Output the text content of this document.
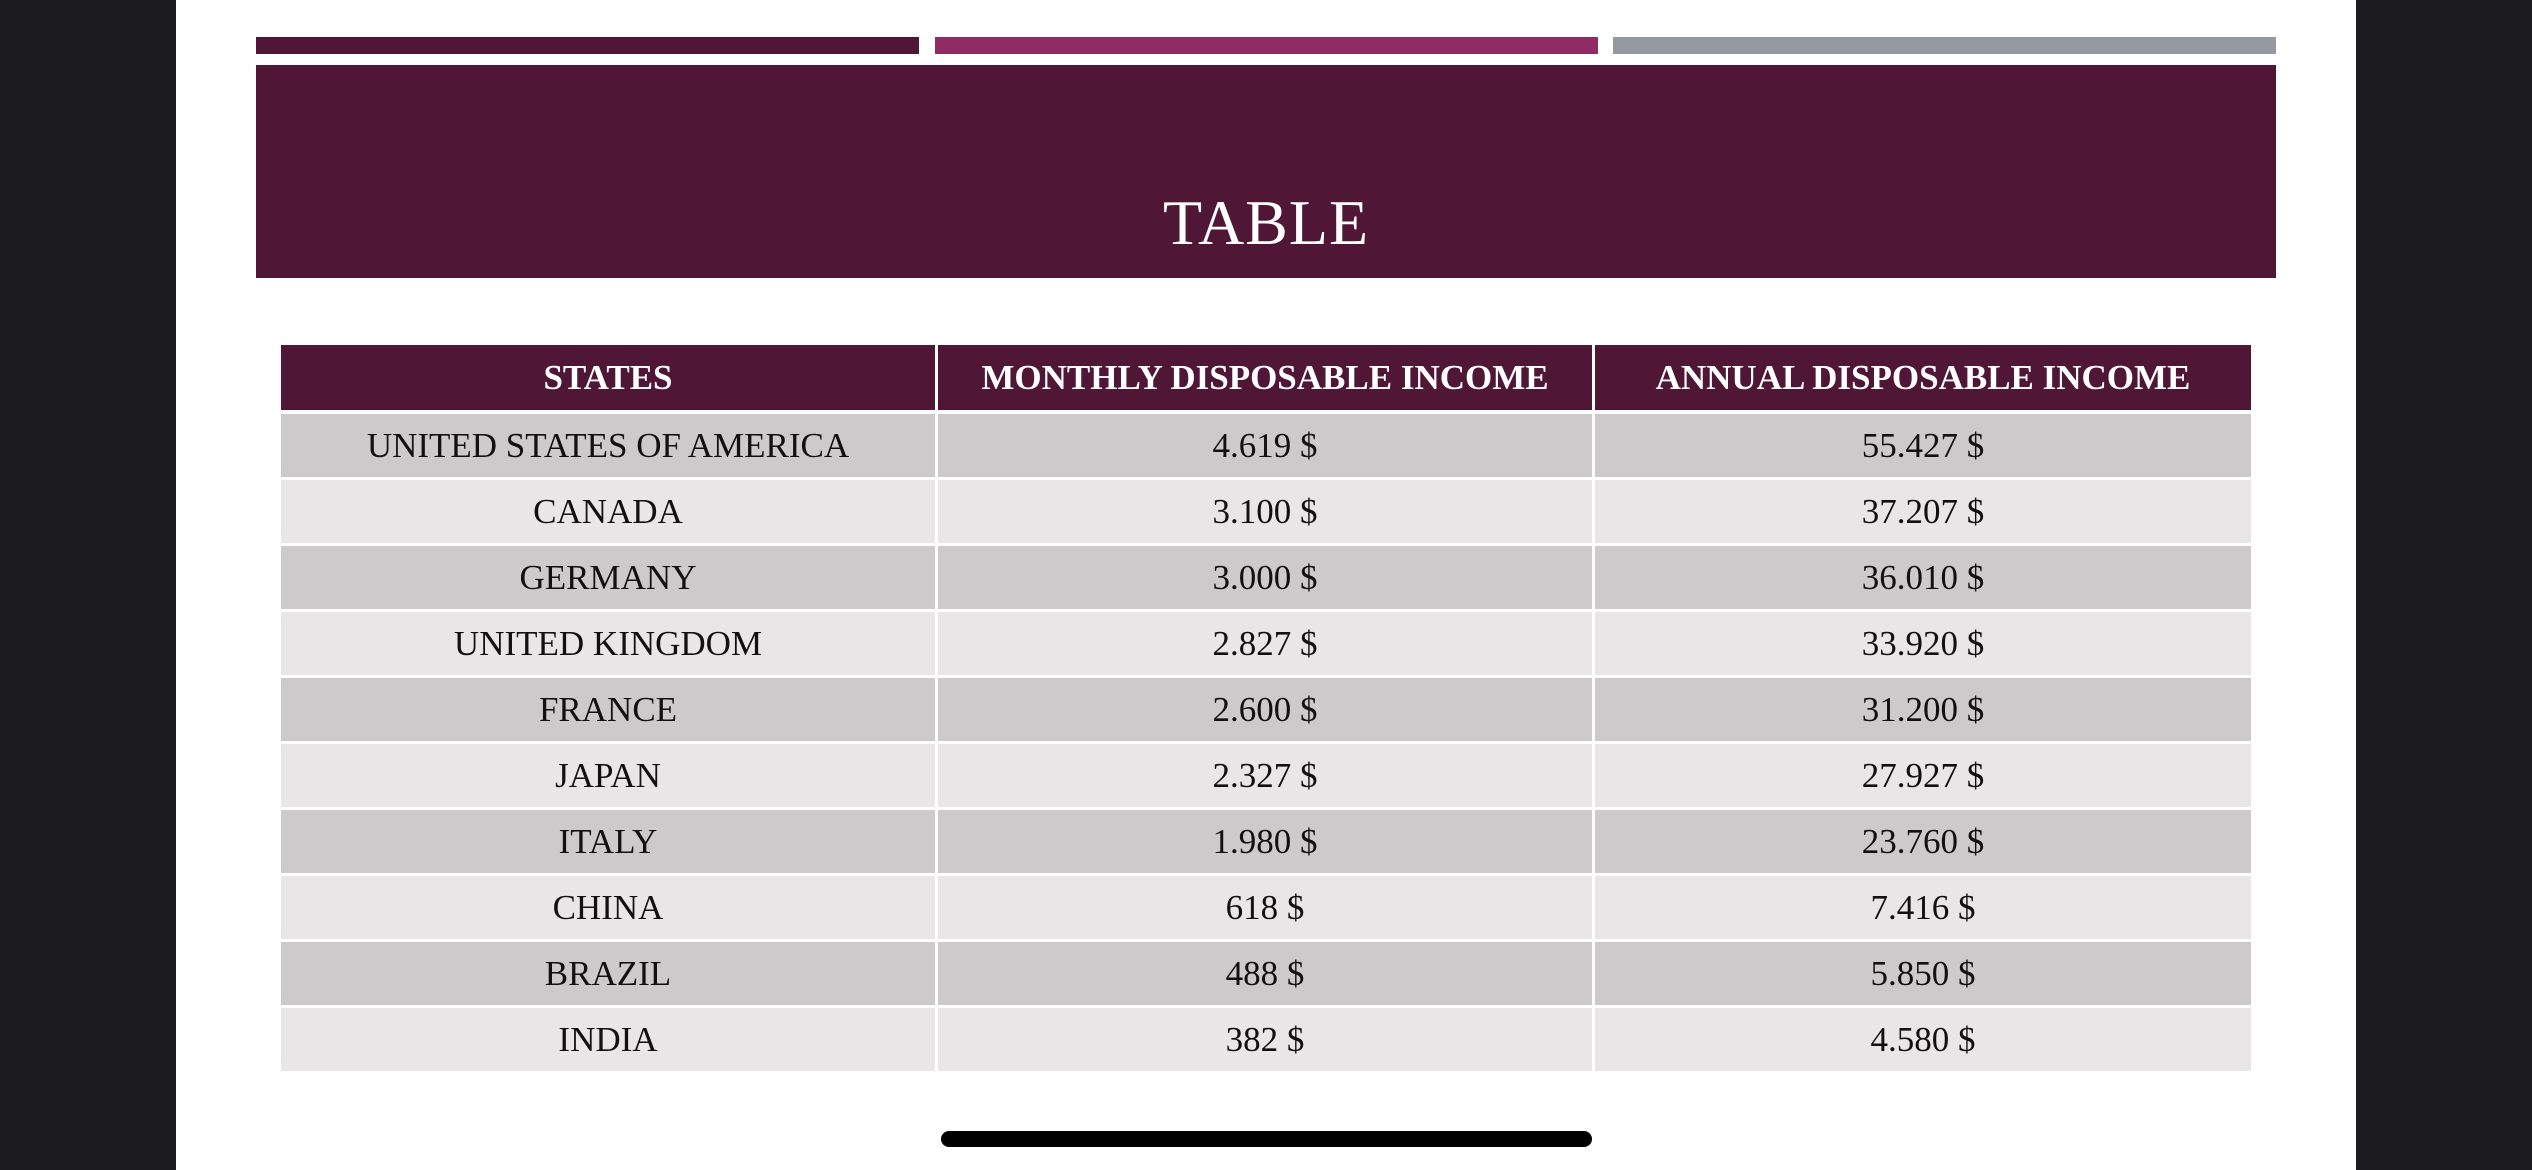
TABLE
STATES	MONTHLY DISPOSABLE INCOME	ANNUAL DISPOSABLE INCOME
UNITED STATES OF AMERICA	4.619 $	55.427 $
CANADA	3.100 $	37.207 $
GERMANY	3.000 $	36.010 $
UNITED KINGDOM	2.827 $	33.920 $
FRANCE	2.600 $	31.200 $
JAPAN	2.327 $	27.927 $
ITALY	1.980 $	23.760 $
CHINA	618 $	7.416 $
BRAZIL	488 $	5.850 $
INDIA	382 $	4.580 $
